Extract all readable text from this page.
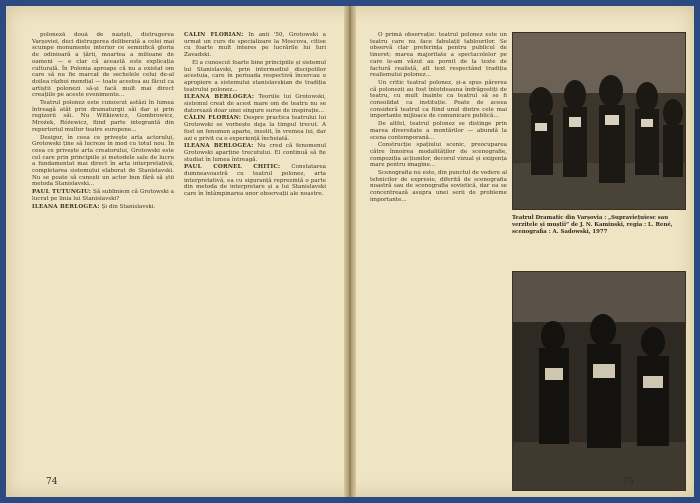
poloneză două de naziști, distrugerea Varșoviei, deci distrugerea deliberată a celei mai scumpe monumente interior ce semnifică gloria de odinioară a țării, moartea a milioane de oameni — e clar că această este explicația culturală. În Polonia aproape că nu a existat om care să nu fie marcat de sechelele celui de-al doilea război mondial — toate acestea au făcut ca artiștii polonezi să-și facă mult mai direct creațiile pe aceste evenimente...

Teatrul polonez este cunoscut astăzi în lumea întreagă atât prin dramaturgii săi dar și prin regizorii săi. Nu Witkiewicz, Gombrowicz, Mrożek, Różewicz, fiind parte integrantă din repertoriul multor teatre europene...

Desigur, în ceea ce privește arta actorului, Grotowski ține să lucreze în mod cu totul nou. În ceea ce privește arta creatorului, Grotowski este cel care prin principiile și metodele sale de lucru a fundamentat mai direct în arta interpretativă, completarea sistemului elaborat de Stanislavski. Nu se poate să cunoști un actor bun fără să știi metoda Stanislavski...

PAUL TUTUNGIU: Să subliniem că Grotowski a lucrat pe linia lui Stanislavski?

ILEANA BERLOGEA: Și din Stanislavski.

CĂLIN FLORIAN: În anii '50, Grotowski a urmat un curs de specializare la Moscova, citise cu foarte mult interes pe lucrările lui Iuri Zavadski.

El a cunoscut foarte bine principiile și sistemul lui Stanislavski, prin intermediul discipolilor acestuia, care în perioada respectivă încercau o apropiere a sistemului stanislavskian de tradiția teatrului polonez...

ILEANA BERLOGEA: Teoriile lui Grotowski, sistemul creat de acest mare om de teatru nu se datorează doar unei singure surse de inspirație...

CĂLIN FLORIAN: Despre practica teatrului lui Grotowski se vorbește deja la timpul trecut. A fost un fenomen aparte, insolit, în vremea lui, dar azi e privit ca o experiență încheiată.

ILEANA BERLOGEA: Nu cred că fenomenul Grotowski aparține trecutului. El continuă să fie studiat în lumea întreagă.

PAUL CORNEL CHITIC: Constatarea dumneavoastră cu teatrul polonez, arta interpretativă, ea cu siguranță reprezintă o parte din metoda de interpretare și a lui Stanislavski care în întâmpinarea unor observații ale noastre.

74

O primă observație: teatrul polonez este un teatru care nu face fabulații tablourilor. Se observă clar preferința pentru publicul de tineret; marea majoritate a spectacolelor pe care le-am văzut au pornit de la texte de factură realistă, alt text respectând tradiția realismului polonez...

Un critic teatral polonez, și-a spus părerea că polonezii au fost întotdeauna îndrăgostiți de teatru, cu mult înainte ca teatrul să se fi consolidat ca instituție. Poate de aceea consideră teatrul ca fiind unul dintre cele mai importante mijloace de comunicare publică...

De altfel, teatrul polonez se distinge prin marea diversitate a montărilor — abundă la scena contemporană...

Construcție spațiului scenic, preocuparea către înnoirea modalităților de scenografie, compoziția acțiunilor, decorul vizual și exigența mare pentru imagine...

Scenografia nu este, din punctul de vedere al tehnicilor de expresie, diferită de scenografia noastră sau de scenografia sovietică, dar ea se concentrează asupra unei serii de probleme importante...

Teatrul Dramatic din Varșovia : „Supraviețuiesc sau verzitele și muștii” de J. N. Kaminski, regia : L. René, scenografia : A. Sadowski, 1977
75
